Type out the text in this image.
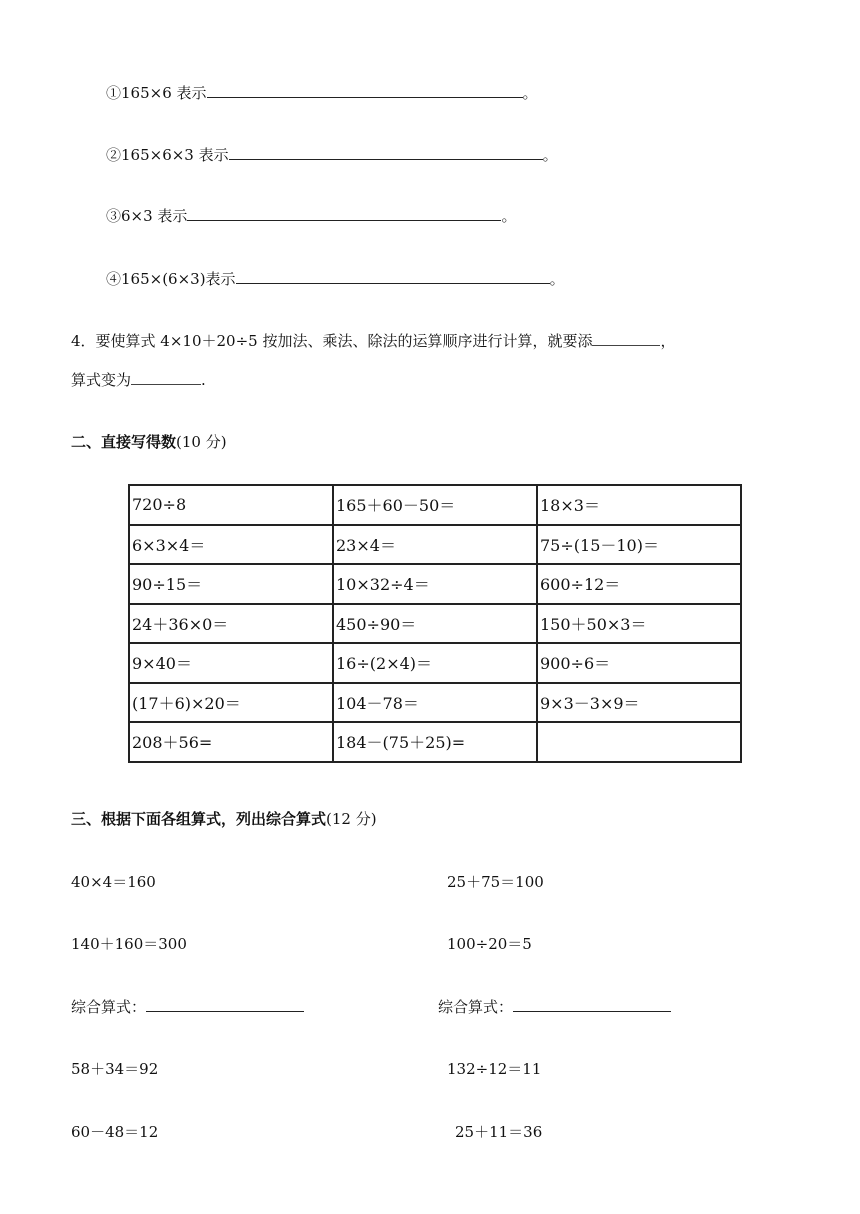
①165×6 表示	。
②165×6×3 表示	。
③6×3 表示	。
④165×(6×3)表示	。
4．要使算式 4×10＋20÷5 按加法、乘法、除法的运算顺序进行计算，就要添	，
算式变为	.
二、直接写得数(10 分)
720÷8	165＋60－50＝	18×3＝
6×3×4＝	23×4＝	75÷(15－10)＝
90÷15＝	10×32÷4＝	600÷12＝
24＋36×0＝	450÷90＝	150＋50×3＝
9×40＝	16÷(2×4)＝	900÷6＝
(17＋6)×20＝	104－78＝	9×3－3×9＝
208＋56=	184－(75＋25)=	
三、根据下面各组算式，列出综合算式(12 分)
40×4＝160
140＋160＝300
25＋75＝100
100÷20＝5
综合算式：	综合算式：
58＋34＝92
60－48＝12
132÷12＝11
25＋11＝36
